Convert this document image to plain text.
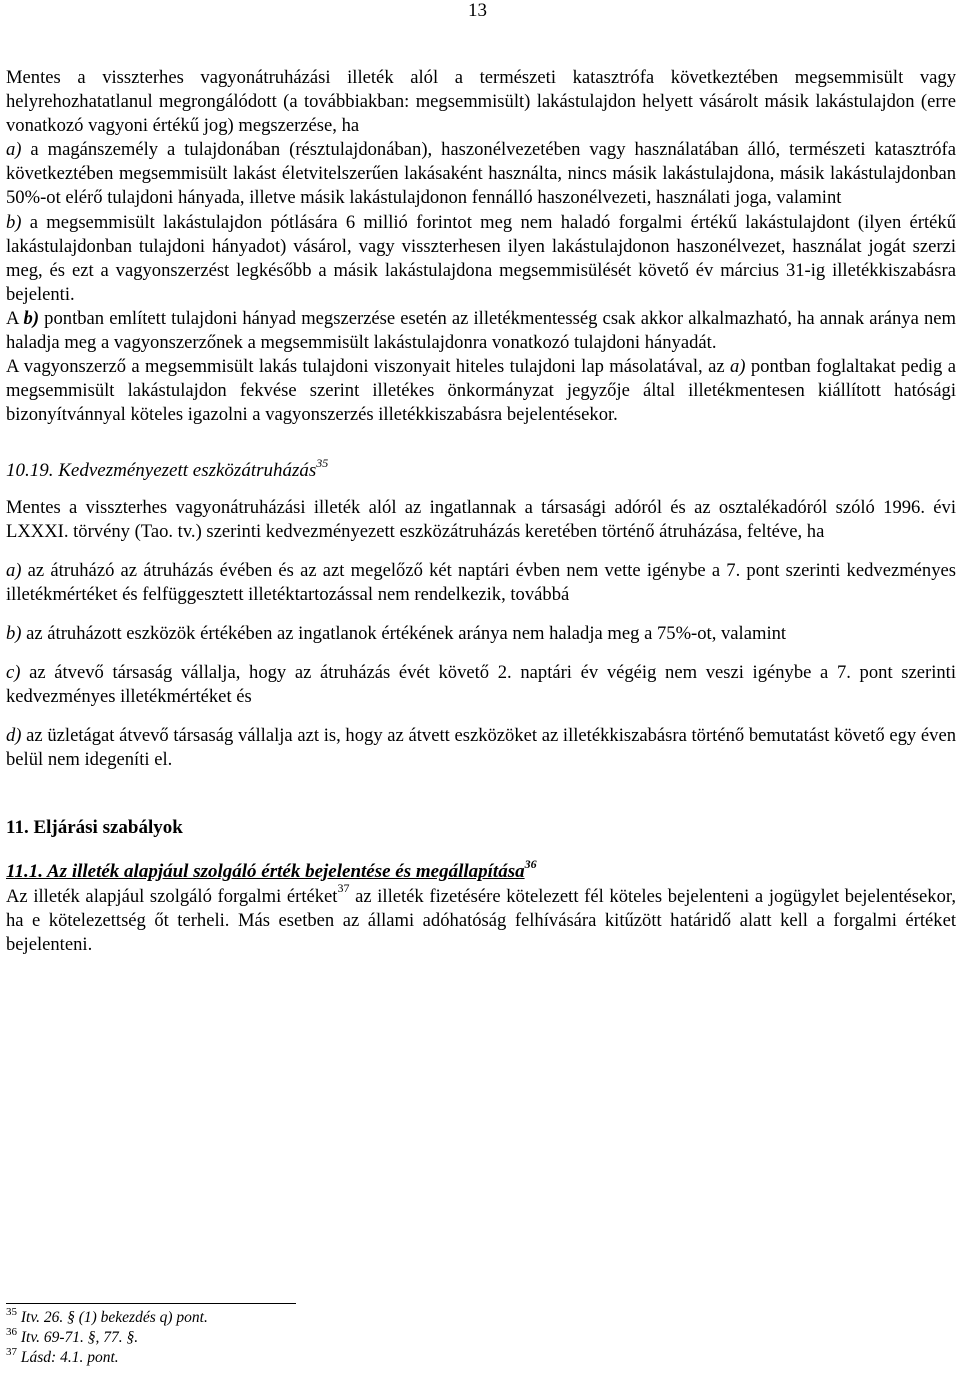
13

Mentes a visszterhes vagyonátruházási illeték alól a természeti katasztrófa következtében megsemmisült vagy helyrehozhatatlanul megrongálódott (a továbbiakban: megsemmisült) lakástulajdon helyett vásárolt másik lakástulajdon (erre vonatkozó vagyoni értékű jog) megszerzése, ha
a) a magánszemély a tulajdonában (résztulajdonában), haszonélvezetében vagy használatában álló, természeti katasztrófa következtében megsemmisült lakást életvitelszerűen lakásaként használta, nincs másik lakástulajdona, másik lakástulajdonban 50%-ot elérő tulajdoni hányada, illetve másik lakástulajdonon fennálló haszonélvezeti, használati joga, valamint
b) a megsemmisült lakástulajdon pótlására 6 millió forintot meg nem haladó forgalmi értékű lakástulajdont (ilyen értékű lakástulajdonban tulajdoni hányadot) vásárol, vagy visszterhesen ilyen lakástulajdonon haszonélvezet, használat jogát szerzi meg, és ezt a vagyonszerzést legkésőbb a másik lakástulajdona megsemmisülését követő év március 31-ig illetékkiszabásra bejelenti.

A b) pontban említett tulajdoni hányad megszerzése esetén az illetékmentesség csak akkor alkalmazható, ha annak aránya nem haladja meg a vagyonszerzőnek a megsemmisült lakástulajdonra vonatkozó tulajdoni hányadát.

A vagyonszerző a megsemmisült lakás tulajdoni viszonyait hiteles tulajdoni lap másolatával, az a) pontban foglaltakat pedig a megsemmisült lakástulajdon fekvése szerint illetékes önkormányzat jegyzője által illetékmentesen kiállított hatósági bizonyítvánnyal köteles igazolni a vagyonszerzés illetékkiszabásra bejelentésekor.

10.19. Kedvezményezett eszközátruházás$^{35}$

Mentes a visszterhes vagyonátruházási illeték alól az ingatlannak a társasági adóról és az osztalékadóról szóló 1996. évi LXXXI. törvény (Tao. tv.) szerinti kedvezményezett eszközátruházás keretében történő átruházása, feltéve, ha

a) az átruházó az átruházás évében és az azt megelőző két naptári évben nem vette igénybe a 7. pont szerinti kedvezményes illetékmértéket és felfüggesztett illetéktartozással nem rendelkezik, továbbá

b) az átruházott eszközök értékében az ingatlanok értékének aránya nem haladja meg a 75%-ot, valamint

c) az átvevő társaság vállalja, hogy az átruházás évét követő 2. naptári év végéig nem veszi igénybe a 7. pont szerinti kedvezményes illetékmértéket és

d) az üzletágat átvevő társaság vállalja azt is, hogy az átvett eszközöket az illetékkiszabásra történő bemutatást követő egy éven belül nem idegeníti el.

11. Eljárási szabályok

11.1. Az illeték alapjául szolgáló érték bejelentése és megállapítása$^{36}$

Az illeték alapjául szolgáló forgalmi értéket$^{37}$ az illeték fizetésére kötelezett fél köteles bejelenteni a jogügylet bejelentésekor, ha e kötelezettség őt terheli. Más esetben az állami adóhatóság felhívására kitűzött határidő alatt kell a forgalmi értéket bejelenteni.

$^{35}$ Itv. 26. § (1) bekezdés q) pont.

$^{36}$ Itv. 69-71. §, 77. §.

$^{37}$ Lásd: 4.1. pont.
